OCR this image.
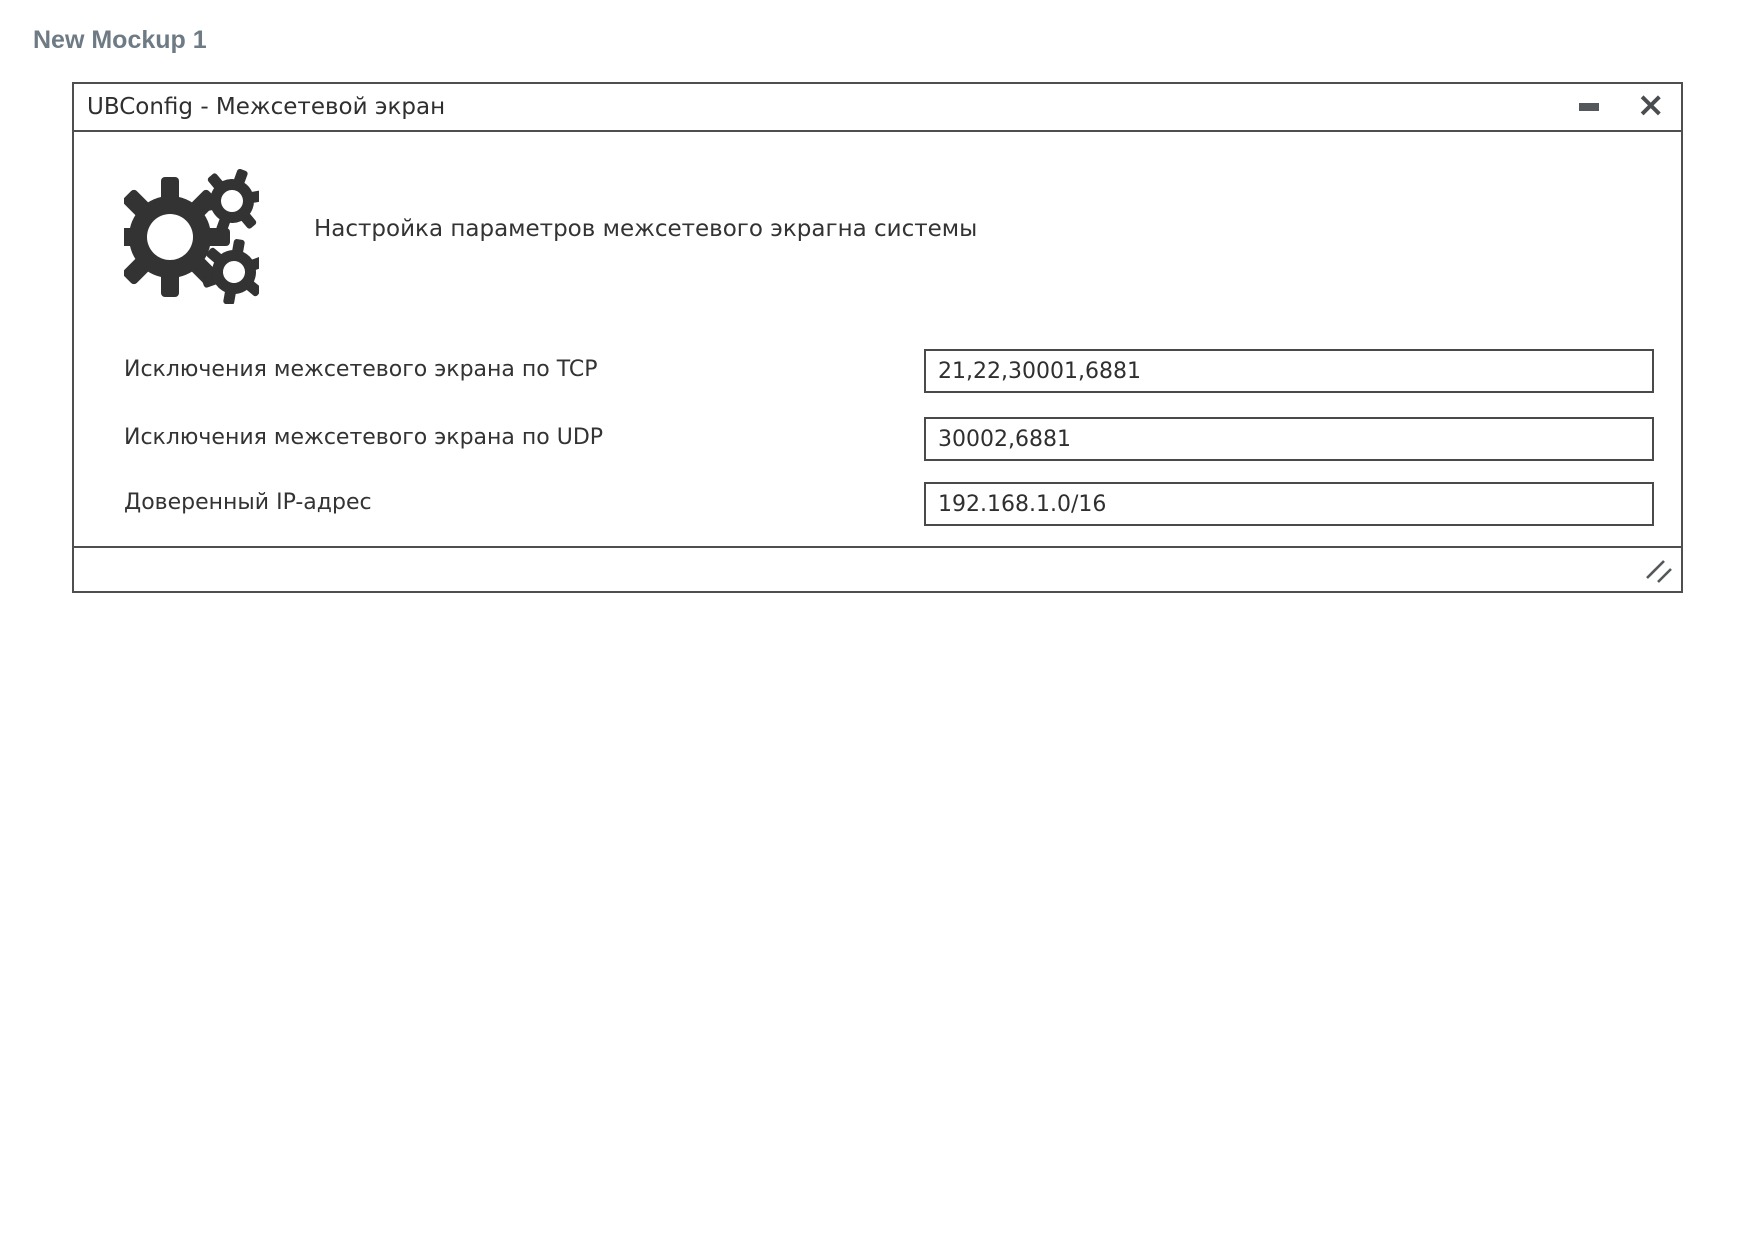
New Mockup 1
UBConfig - Межсетевой экран	×
Настройка параметров межсетевого экрагна системы
Исключения межсетевого экрана по TCP
21,22,30001,6881
Исключения межсетевого экрана по UDP
30002,6881
Доверенный IP-адрес
192.168.1.0/16
